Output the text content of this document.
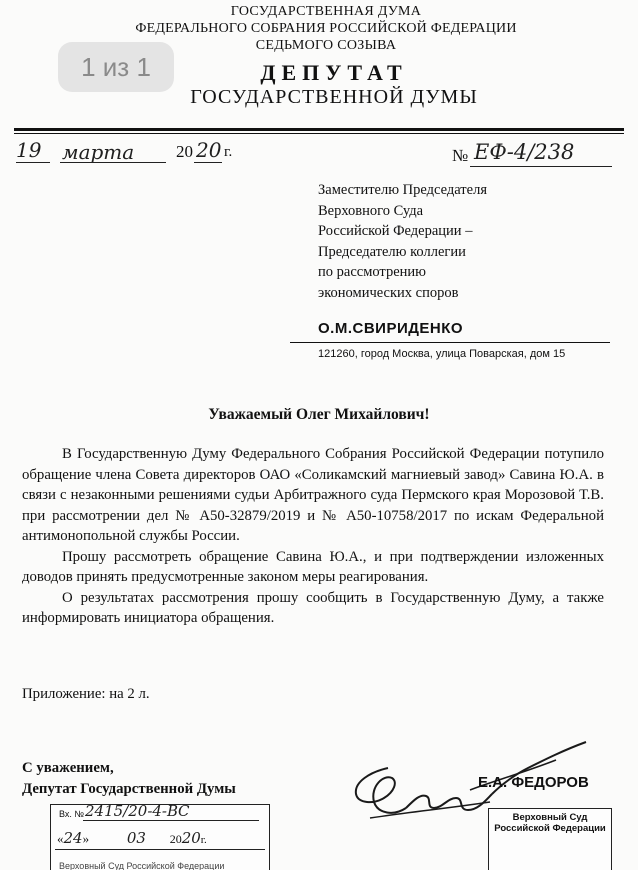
ГОСУДАРСТВЕННАЯ ДУМА
ФЕДЕРАЛЬНОГО СОБРАНИЯ РОССИЙСКОЙ ФЕДЕРАЦИИ
СЕДЬМОГО СОЗЫВА
ДЕПУТАТ
ГОСУДАРСТВЕННОЙ ДУМЫ
1 из 1
19 марта 20 20 г.	№ ЕФ-4/238
Заместителю Председателя
Верховного Суда
Российской Федерации –
Председателю коллегии
по рассмотрению
экономических споров
О.М.СВИРИДЕНКО
121260, город Москва, улица Поварская, дом 15
Уважаемый Олег Михайлович!

В Государственную Думу Федерального Собрания Российской Федерации потупило обращение члена Совета директоров ОАО «Соликамский магниевый завод» Савина Ю.А. в связи с незаконными решениями судьи Арбитражного суда Пермского края Морозовой Т.В. при рассмотрении дел № А50-32879/2019 и № А50-10758/2017 по искам Федеральной антимонопольной службы России.

Прошу рассмотреть обращение Савина Ю.А., и при подтверждении изложенных доводов принять предусмотренные законом меры реагирования.

О результатах рассмотрения прошу сообщить в Государственную Думу, а также информировать инициатора обращения.

Приложение: на 2 л.
С уважением,
Депутат Государственной Думы	Е.А. ФЕДОРОВ
Вх. № 2415/20-4-ВС
«24»	03 2020г.
Верховный Суд Российской Федерации
Верховный Суд
Российской Федерации
